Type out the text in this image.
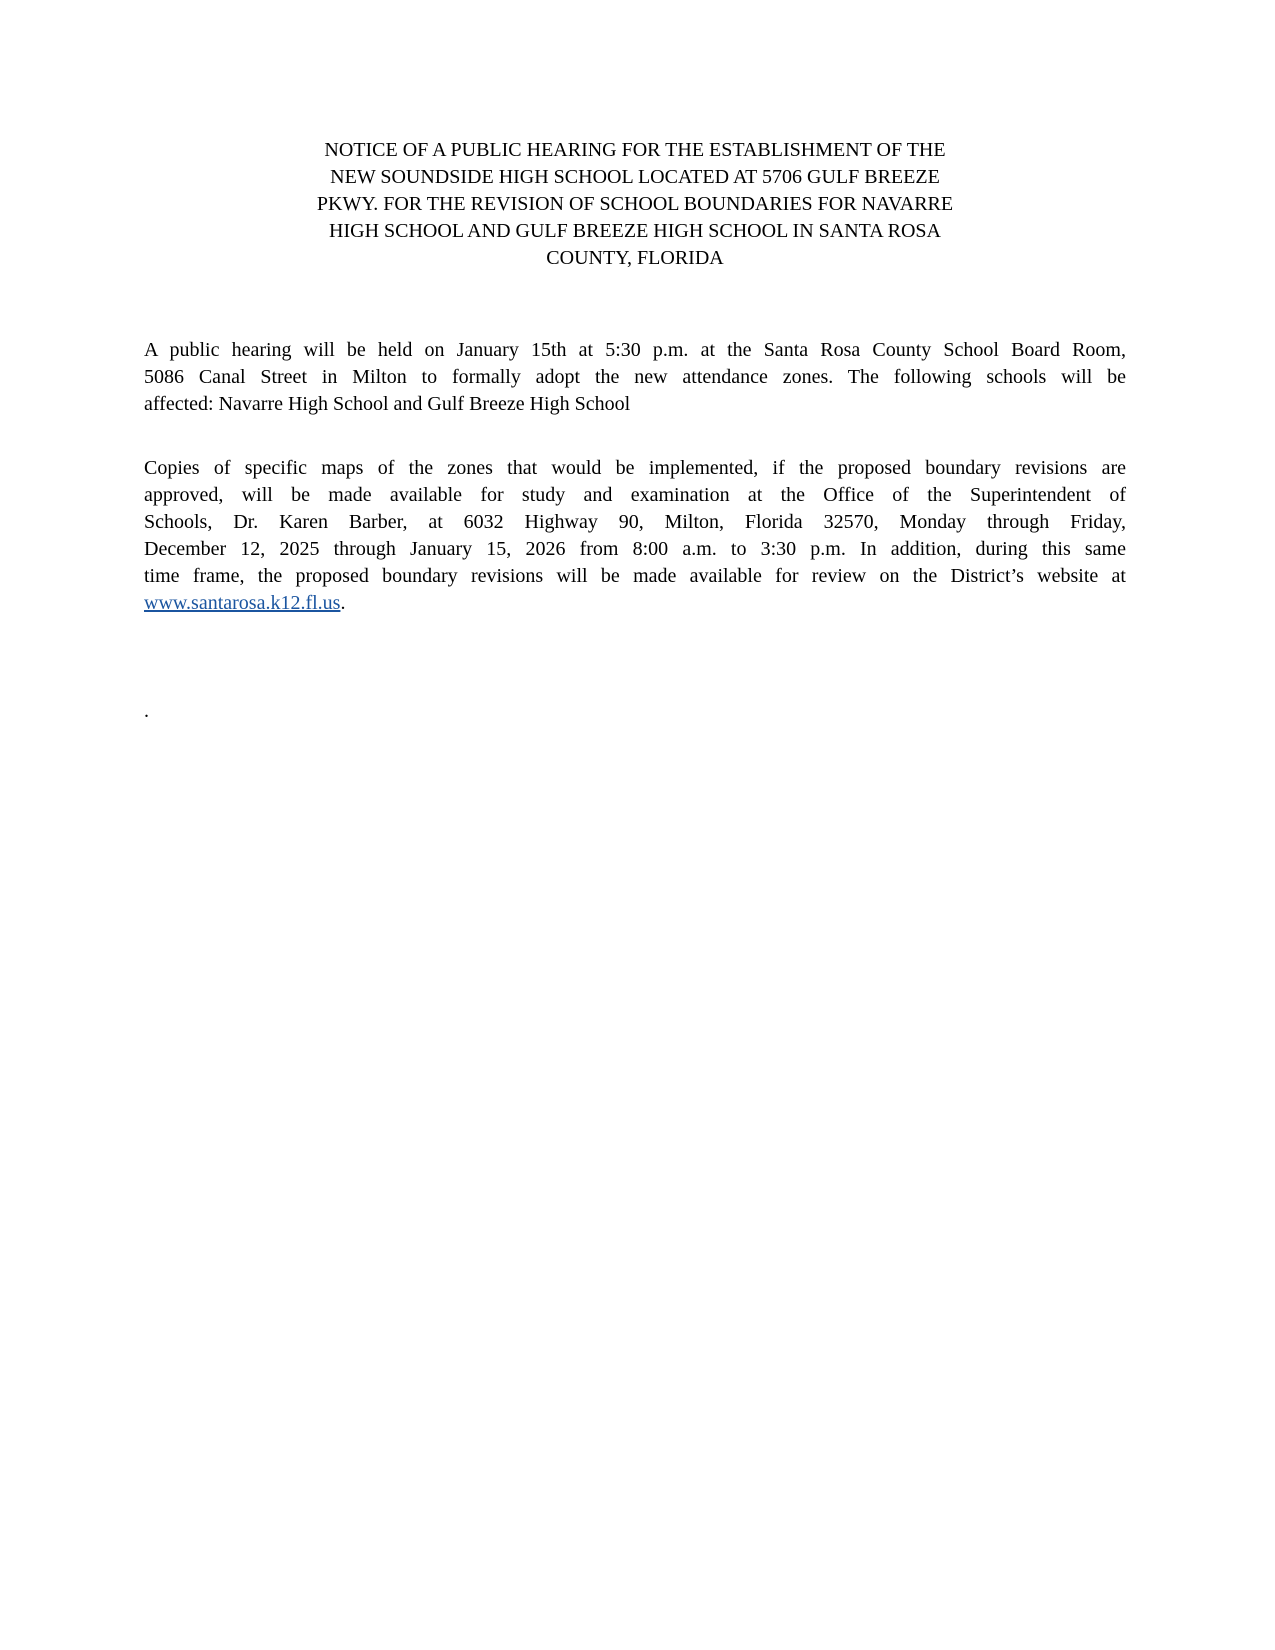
NOTICE OF A PUBLIC HEARING FOR THE ESTABLISHMENT OF THE
NEW SOUNDSIDE HIGH SCHOOL LOCATED AT 5706 GULF BREEZE
PKWY. FOR THE REVISION OF SCHOOL BOUNDARIES FOR NAVARRE
HIGH SCHOOL AND GULF BREEZE HIGH SCHOOL IN SANTA ROSA
COUNTY, FLORIDA
A public hearing will be held on January 15th at 5:30 p.m. at the Santa Rosa County School Board Room,
5086 Canal Street in Milton to formally adopt the new attendance zones. The following schools will be
affected: Navarre High School and Gulf Breeze High School
Copies of specific maps of the zones that would be implemented, if the proposed boundary revisions are
approved, will be made available for study and examination at the Office of the Superintendent of
Schools, Dr. Karen Barber, at 6032 Highway 90, Milton, Florida 32570, Monday through Friday,
December 12, 2025 through January 15, 2026 from 8:00 a.m. to 3:30 p.m. In addition, during this same
time frame, the proposed boundary revisions will be made available for review on the District’s website at
www.santarosa.k12.fl.us.
.
